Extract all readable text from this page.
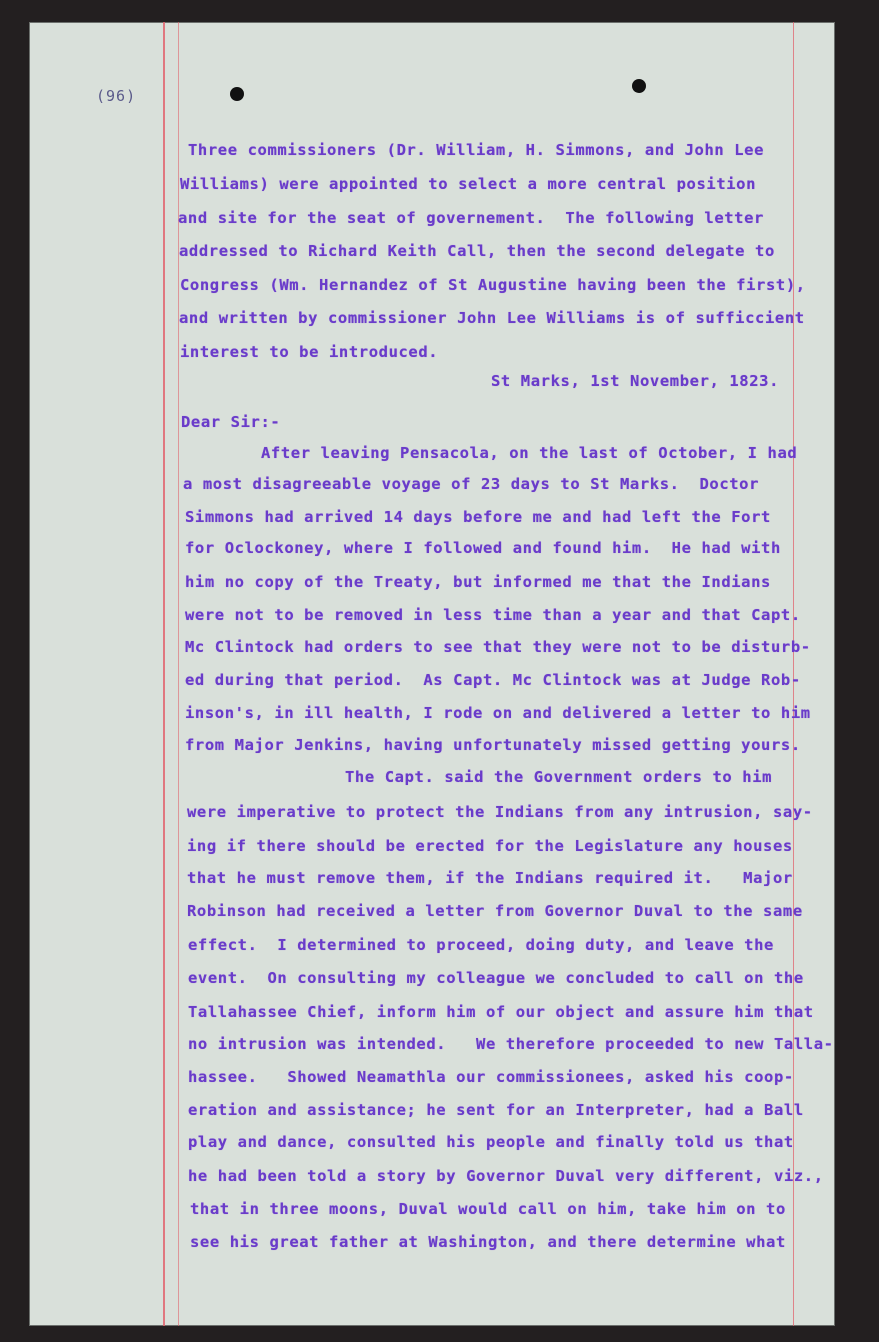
(96)
Three commissioners (Dr. William, H. Simmons, and John Lee
Williams) were appointed to select a more central position
and site for the seat of governement.  The following letter
addressed to Richard Keith Call, then the second delegate to
Congress (Wm. Hernandez of St Augustine having been the first),
and written by commissioner John Lee Williams is of sufficcient
interest to be introduced.
St Marks, 1st November, 1823.
Dear Sir:-
After leaving Pensacola, on the last of October, I had
a most disagreeable voyage of 23 days to St Marks.  Doctor
Simmons had arrived 14 days before me and had left the Fort
for Oclockoney, where I followed and found him.  He had with
him no copy of the Treaty, but informed me that the Indians
were not to be removed in less time than a year and that Capt.
Mc Clintock had orders to see that they were not to be disturb-
ed during that period.  As Capt. Mc Clintock was at Judge Rob-
inson's, in ill health, I rode on and delivered a letter to him
from Major Jenkins, having unfortunately missed getting yours.
The Capt. said the Government orders to him
were imperative to protect the Indians from any intrusion, say-
ing if there should be erected for the Legislature any houses
that he must remove them, if the Indians required it.   Major
Robinson had received a letter from Governor Duval to the same
effect.  I determined to proceed, doing duty, and leave the
event.  On consulting my colleague we concluded to call on the
Tallahassee Chief, inform him of our object and assure him that
no intrusion was intended.   We therefore proceeded to new Talla-
hassee.   Showed Neamathla our commissionees, asked his coop-
eration and assistance; he sent for an Interpreter, had a Ball
play and dance, consulted his people and finally told us that
he had been told a story by Governor Duval very different, viz.,
that in three moons, Duval would call on him, take him on to
see his great father at Washington, and there determine what
